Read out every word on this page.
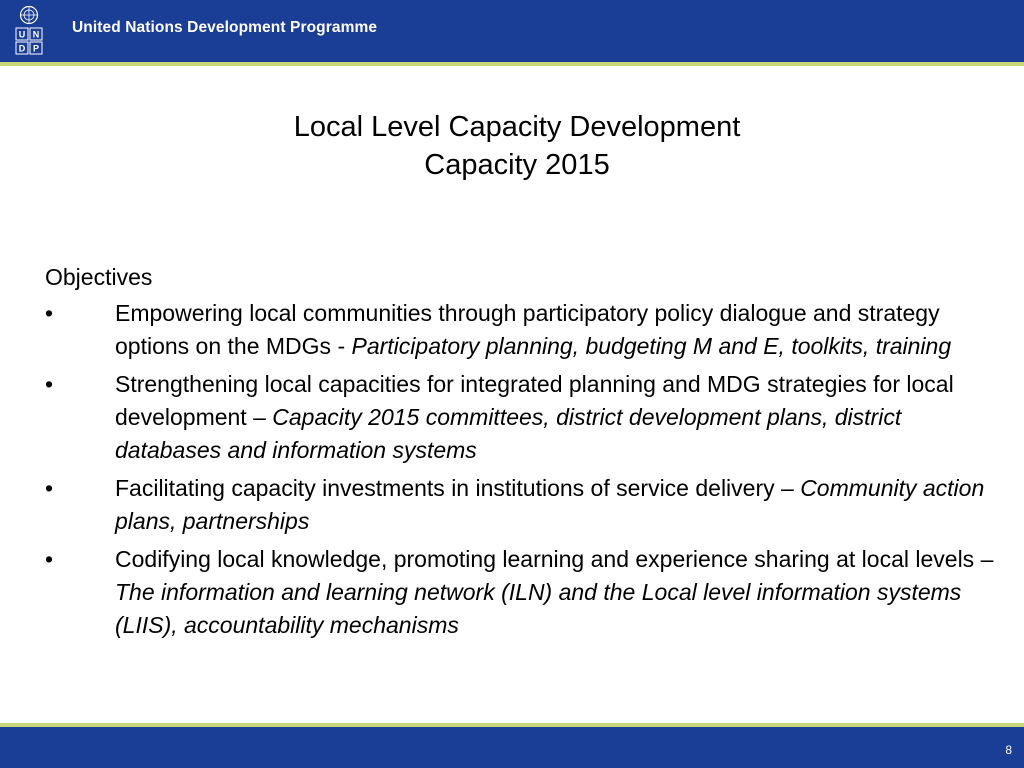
U N
D P
United Nations Development Programme
Local Level Capacity Development
Capacity 2015
Objectives
•	Empowering local communities through participatory policy dialogue and strategy options on the MDGs - Participatory planning, budgeting M and E, toolkits, training
•	Strengthening local capacities for integrated planning and MDG strategies for local development – Capacity 2015 committees, district development plans, district databases and information systems
•	Facilitating capacity investments in institutions of service delivery – Community action plans, partnerships
•	Codifying local knowledge, promoting learning and experience sharing at local levels – The information and learning network (ILN) and the Local level information systems (LIIS), accountability mechanisms
8
